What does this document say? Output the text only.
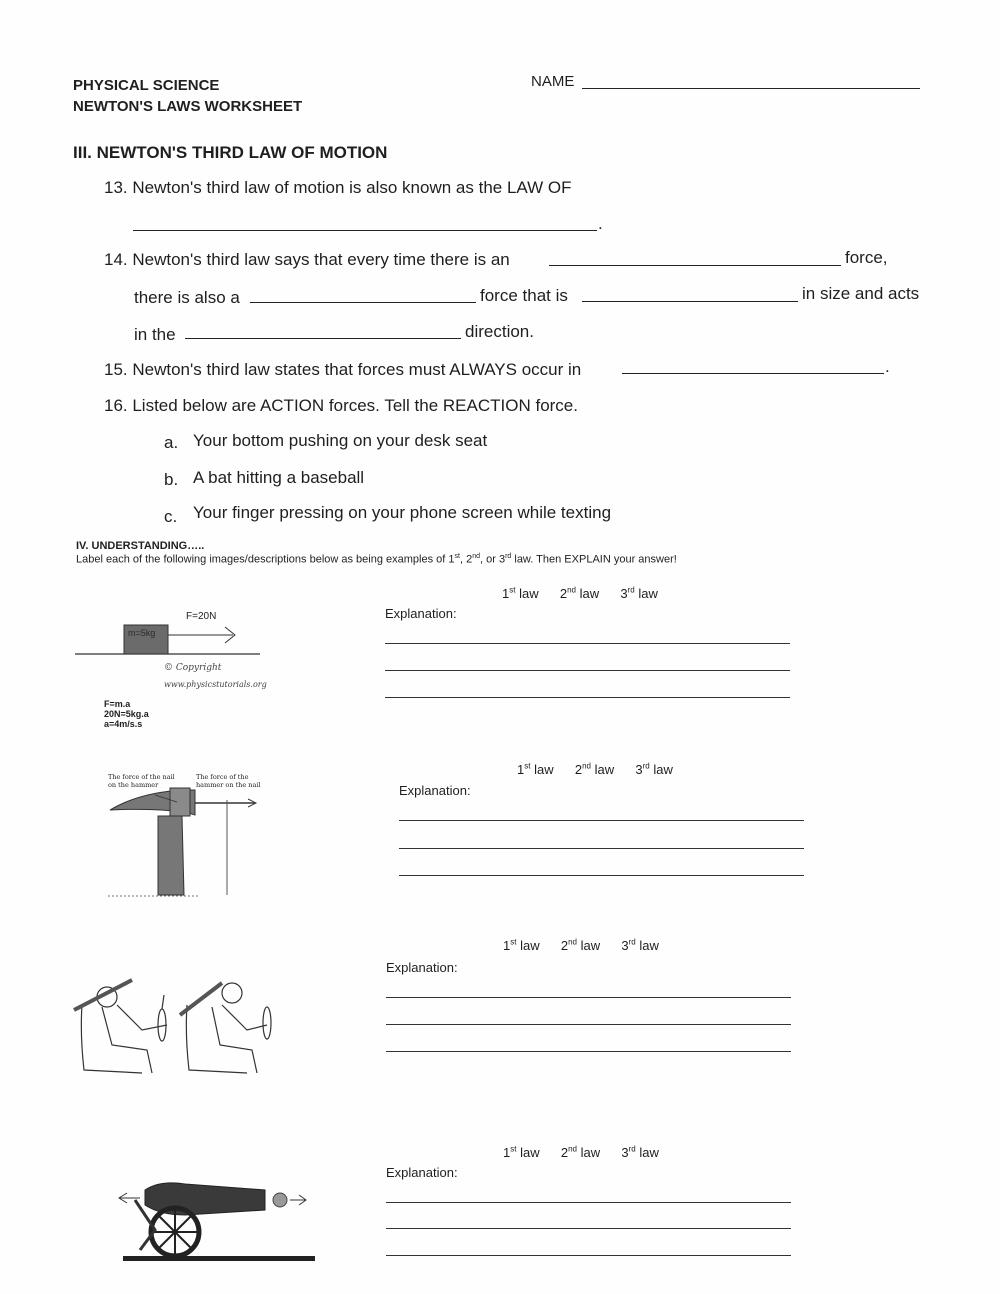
PHYSICAL SCIENCE
NEWTON'S LAWS WORKSHEET
NAME
III. NEWTON'S THIRD LAW OF MOTION
13. Newton's third law of motion is also known as the LAW OF
.
14. Newton's third law says that every time there is an	force,
there is also a	force that is	in size and acts
in the	direction.
15. Newton's third law states that forces must ALWAYS occur in	.
16. Listed below are ACTION forces. Tell the REACTION force.
a. Your bottom pushing on your desk seat
b. A bat hitting a baseball
c. Your finger pressing on your phone screen while texting
IV. UNDERSTANDING…..
Label each of the following images/descriptions below as being examples of 1st, 2nd, or 3rd law. Then EXPLAIN your answer!
1st law 2nd law 3rd law
Explanation:
F=20N
m=5kg
© Copyright
www.physicstutorials.org
F=m.a
20N=5kg.a
a=4m/s.s
1st law 2nd law 3rd law
Explanation:
The force of the nail
on the hammer
The force of the
hammer on the nail
1st law 2nd law 3rd law
Explanation:
1st law 2nd law 3rd law
Explanation:
